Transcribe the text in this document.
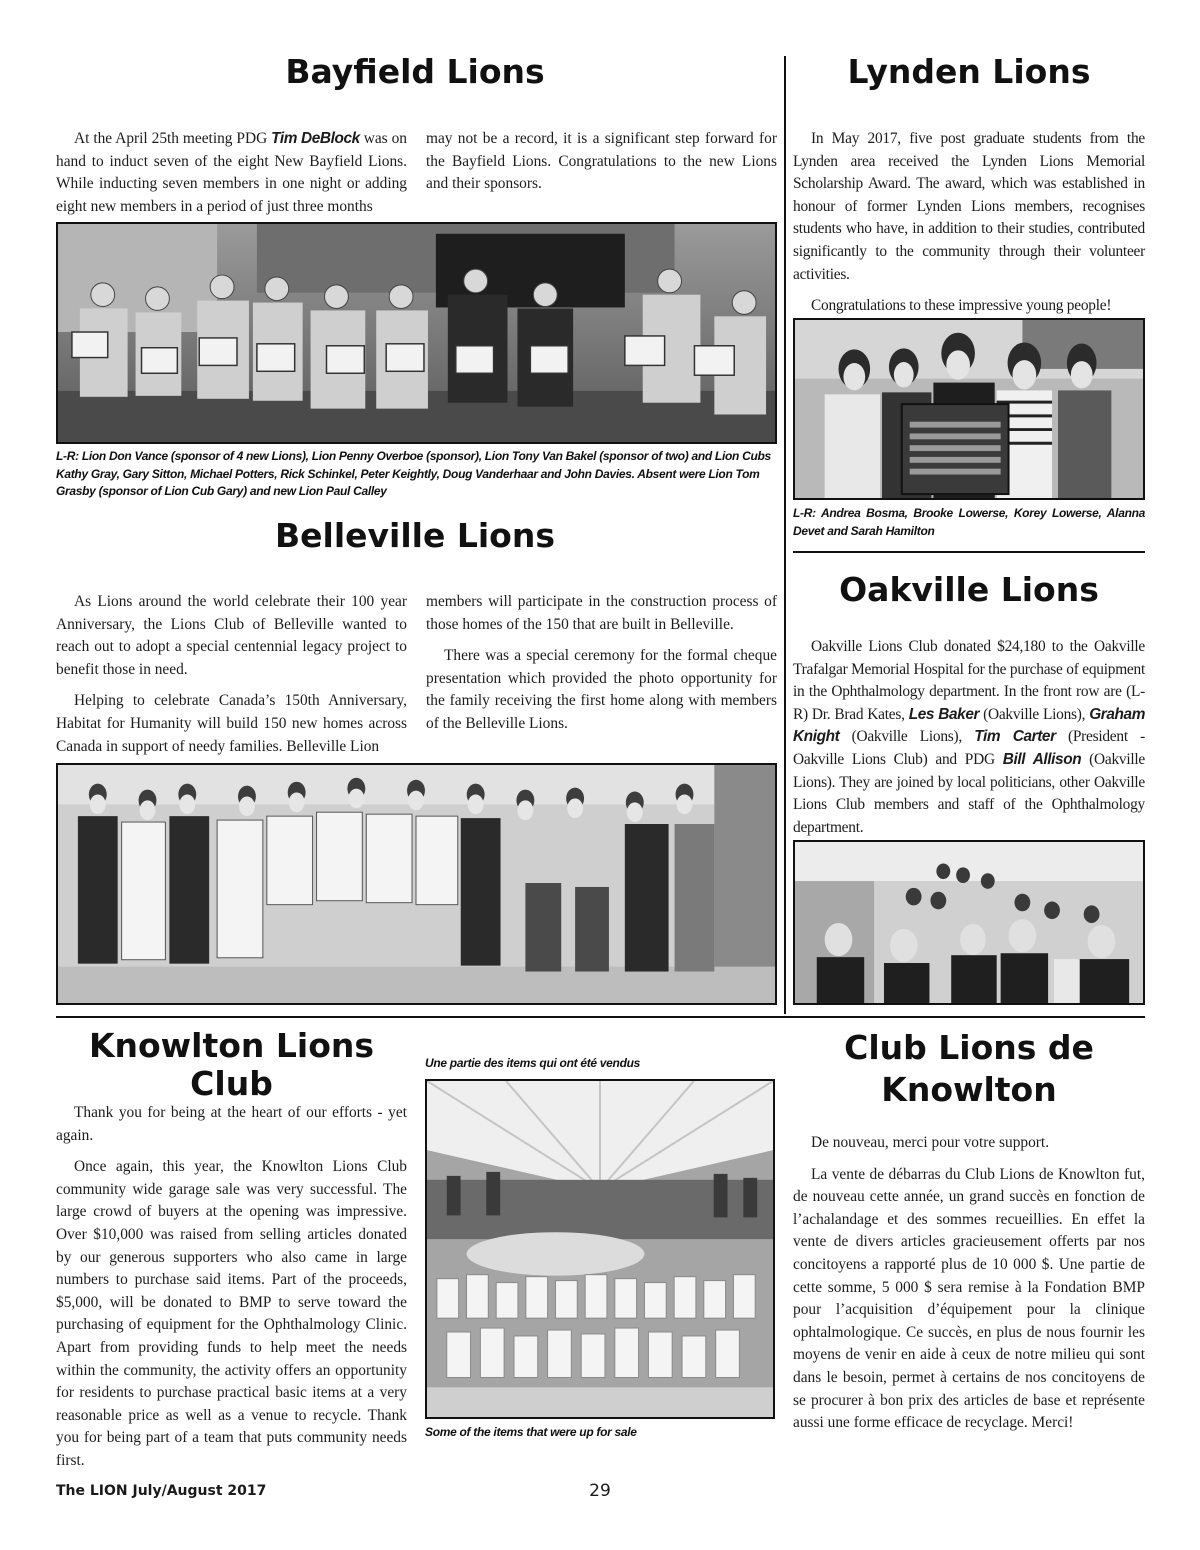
Bayfield Lions

At the April 25th meeting PDG Tim DeBlock was on hand to induct seven of the eight New Bayfield Lions. While inducting seven members in one night or adding eight new members in a period of just three months

may not be a record, it is a significant step forward for the Bayfield Lions. Congratulations to the new Lions and their sponsors.

L-R: Lion Don Vance (sponsor of 4 new Lions), Lion Penny Overboe (sponsor), Lion Tony Van Bakel (sponsor of two) and Lion Cubs Kathy Gray, Gary Sitton, Michael Potters, Rick Schinkel, Peter Keightly, Doug Vanderhaar and John Davies. Absent were Lion Tom Grasby (sponsor of Lion Cub Gary) and new Lion Paul Calley
Lynden Lions

In May 2017, five post graduate students from the Lynden area received the Lynden Lions Memorial Scholarship Award. The award, which was established in honour of former Lynden Lions members, recognises students who have, in addition to their studies, contributed significantly to the community through their volunteer activities.

Congratulations to these impressive young people!

L-R: Andrea Bosma, Brooke Lowerse, Korey Lowerse, Alanna Devet and Sarah Hamilton
Belleville Lions

As Lions around the world celebrate their 100 year Anniversary, the Lions Club of Belleville wanted to reach out to adopt a special centennial legacy project to benefit those in need.

Helping to celebrate Canada’s 150th Anniversary, Habitat for Humanity will build 150 new homes across Canada in support of needy families. Belleville Lion

members will participate in the construction process of those homes of the 150 that are built in Belleville.

There was a special ceremony for the formal cheque presentation which provided the photo opportunity for the family receiving the first home along with members of the Belleville Lions.

Oakville Lions

Oakville Lions Club donated $24,180 to the Oakville Trafalgar Memorial Hospital for the purchase of equipment in the Ophthalmology department. In the front row are (L-R) Dr. Brad Kates, Les Baker (Oakville Lions), Graham Knight (Oakville Lions), Tim Carter (President - Oakville Lions Club) and PDG Bill Allison (Oakville Lions). They are joined by local politicians, other Oakville Lions Club members and staff of the Ophthalmology department.

Knowlton Lions Club

Thank you for being at the heart of our efforts - yet again.

Once again, this year, the Knowlton Lions Club community wide garage sale was very successful. The large crowd of buyers at the opening was impressive. Over $10,000 was raised from selling articles donated by our generous supporters who also came in large numbers to purchase said items. Part of the proceeds, $5,000, will be donated to BMP to serve toward the purchasing of equipment for the Ophthalmology Clinic. Apart from providing funds to help meet the needs within the community, the activity offers an opportunity for residents to purchase practical basic items at a very reasonable price as well as a venue to recycle. Thank you for being part of a team that puts community needs first.

Une partie des items qui ont été vendus
Some of the items that were up for sale
Club Lions de
Knowlton

De nouveau, merci pour votre support.

La vente de débarras du Club Lions de Knowlton fut, de nouveau cette année, un grand succès en fonction de l’achalandage et des sommes recueillies. En effet la vente de divers articles gracieusement offerts par nos concitoyens a rapporté plus de 10 000 $. Une partie de cette somme, 5 000 $ sera remise à la Fondation BMP pour l’acquisition d’équipement pour la clinique ophtalmologique. Ce succès, en plus de nous fournir les moyens de venir en aide à ceux de notre milieu qui sont dans le besoin, permet à certains de nos concitoyens de se procurer à bon prix des articles de base et représente aussi une forme efficace de recyclage. Merci!

The LION July/August 2017	29
